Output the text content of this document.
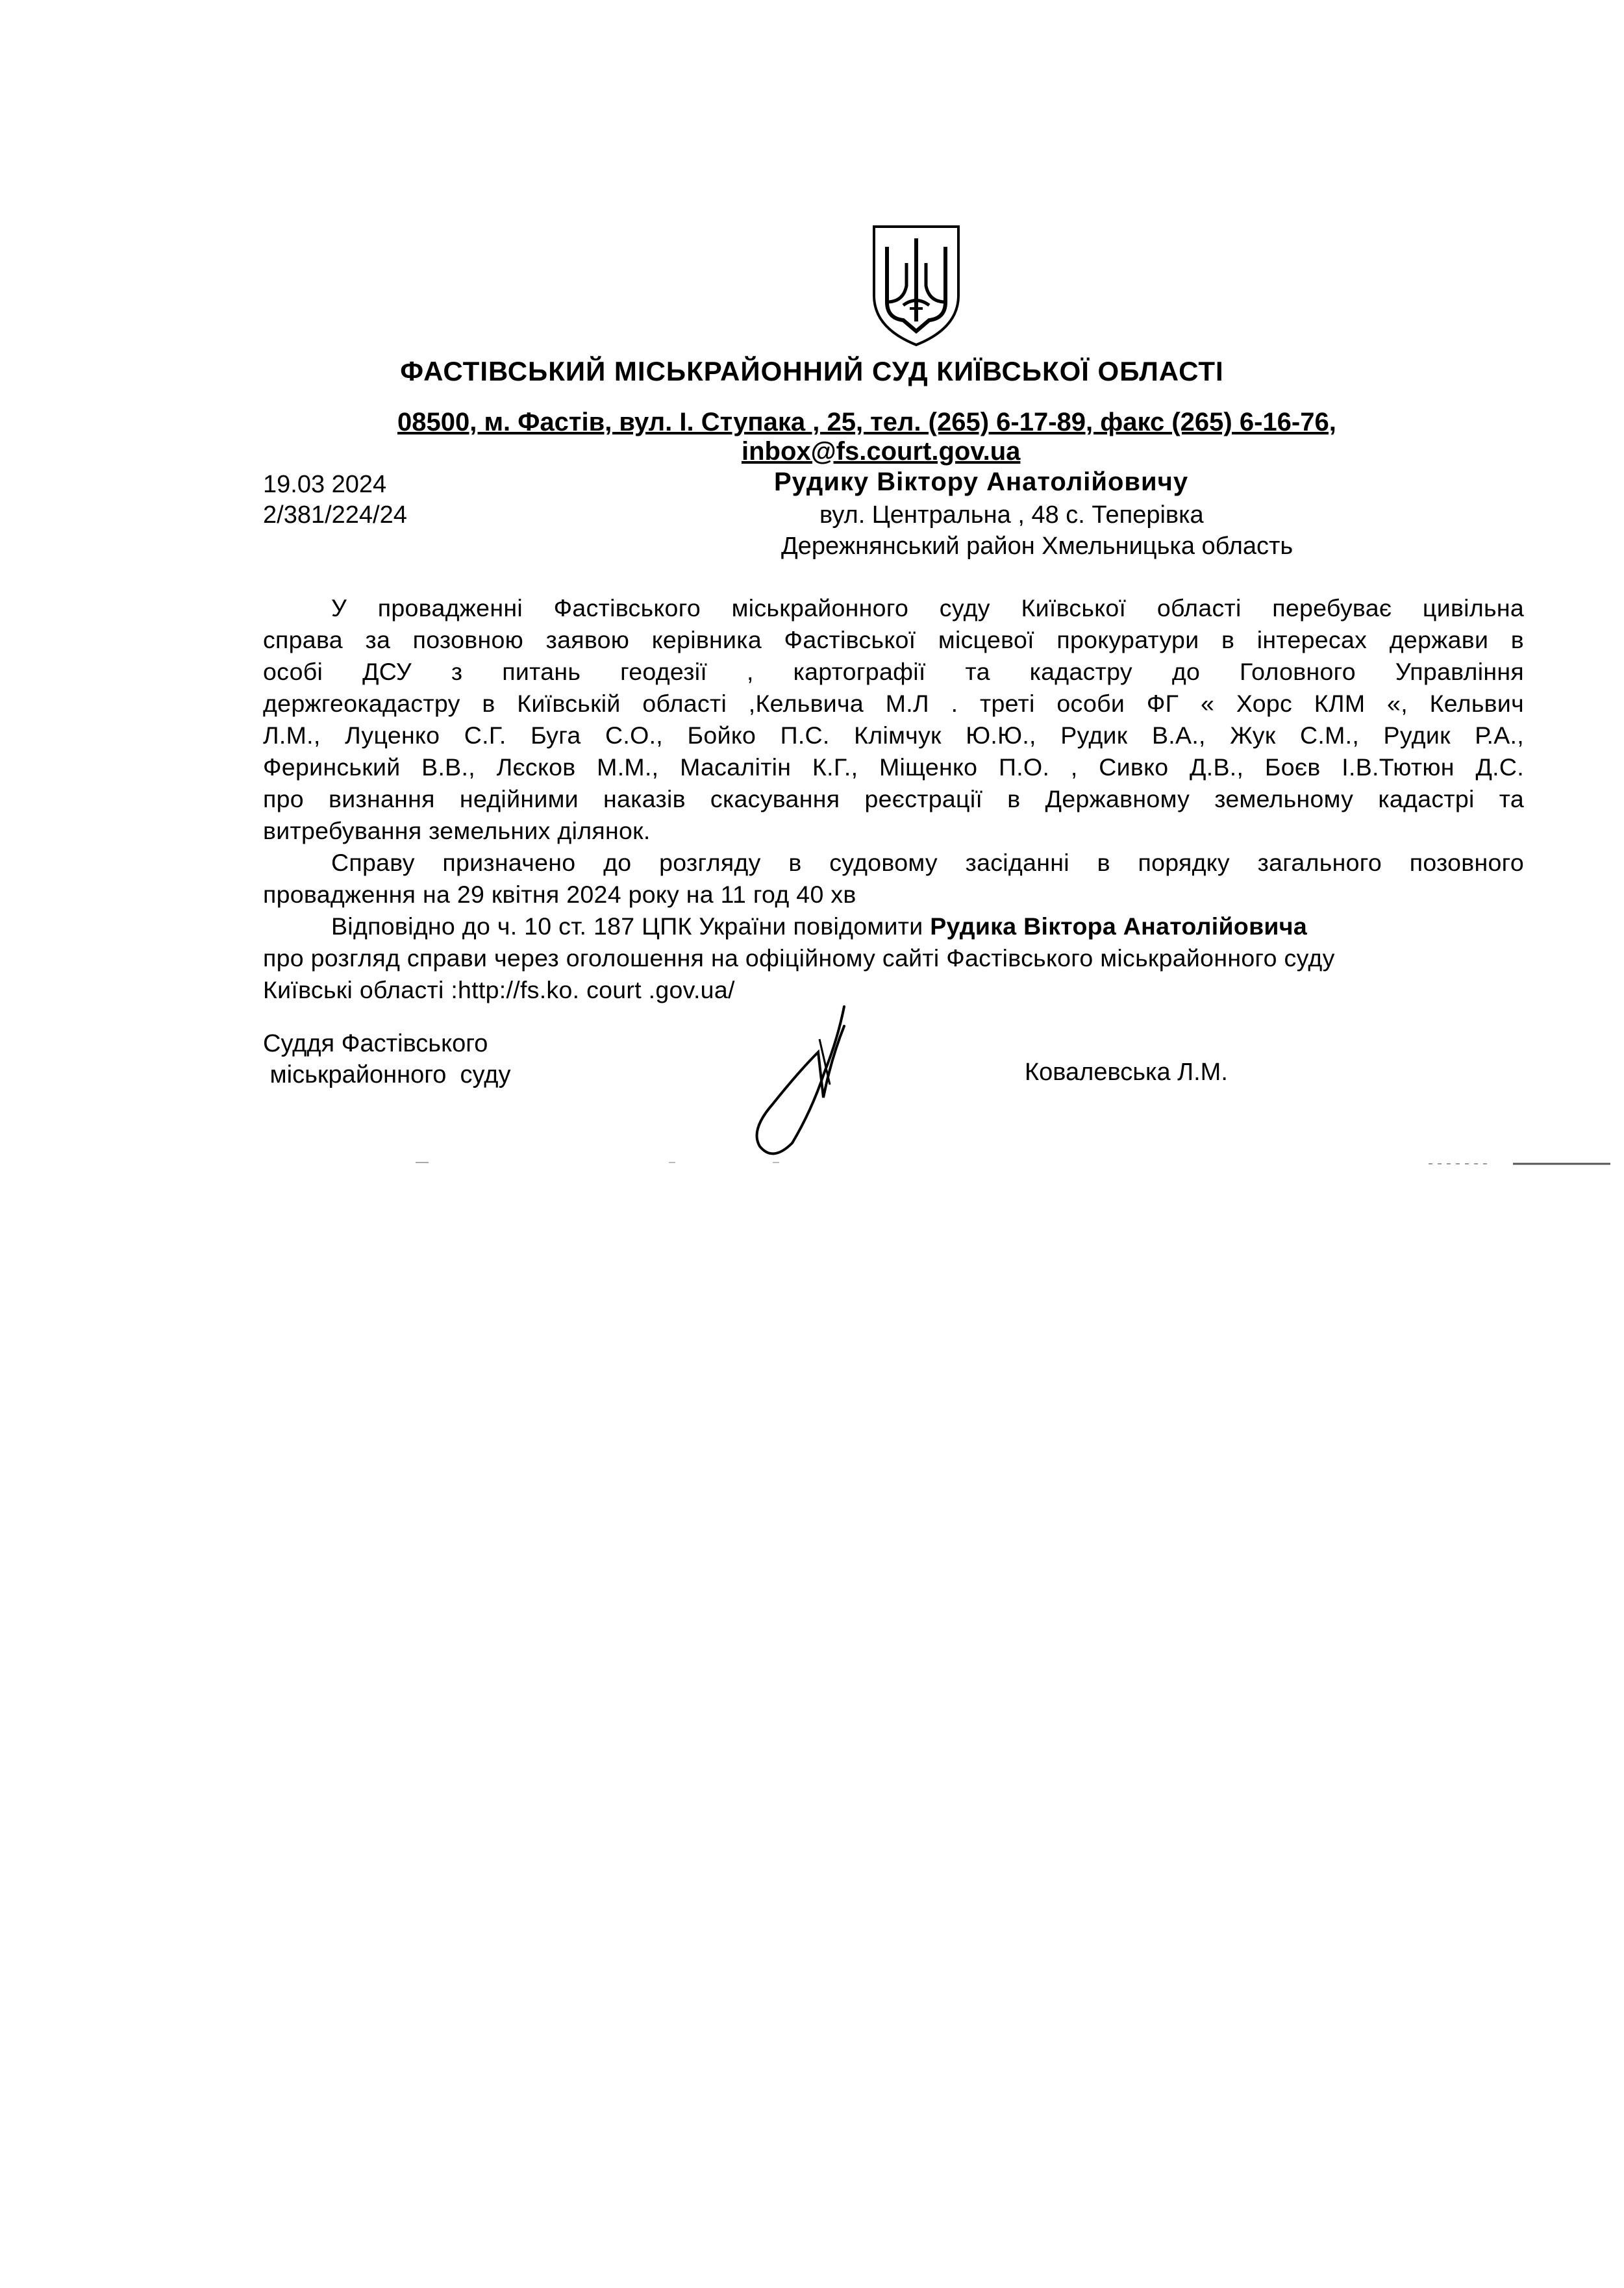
ФАСТІВСЬКИЙ МІСЬКРАЙОННИЙ СУД КИЇВСЬКОЇ ОБЛАСТІ
08500, м. Фастів, вул. І. Ступака , 25, тел. (265) 6-17-89, факс (265) 6-16-76,
inbox@fs.court.gov.ua
19.03 2024
2/381/224/24
Рудику Віктору Анатолійовичу
вул. Центральна , 48 с. Теперівка
Дережнянський район Хмельницька область
У провадженні Фастівського міськрайонного суду Київської області перебуває цивільна
справа за позовною заявою керівника Фастівської місцевої прокуратури в інтересах держави в
особі ДСУ з питань геодезії , картографії та кадастру до Головного Управління
держгеокадастру в Київській області ,Кельвича М.Л . треті особи ФГ « Хорс КЛМ «, Кельвич
Л.М., Луценко С.Г. Буга С.О., Бойко П.С. Клімчук Ю.Ю., Рудик В.А., Жук С.М., Рудик Р.А.,
Феринський В.В., Лєсков М.М., Масалітін К.Г., Міщенко П.О. , Сивко Д.В., Боєв І.В.Тютюн Д.С.
про визнання недійними наказів скасування реєстрації в Державному земельному кадастрі та
витребування земельних ділянок.
Справу призначено до розгляду в судовому засіданні в порядку загального позовного
провадження на 29 квітня 2024 року на 11 год 40 хв
Відповідно до ч. 10 ст. 187 ЦПК України повідомити Рудика Віктора Анатолійовича
про розгляд справи через оголошення на офіційному сайті Фастівського міськрайонного суду
Київські області :http://fs.ko. court .gov.ua/
Суддя Фастівського
міськрайонного  суду	Ковалевська Л.М.
